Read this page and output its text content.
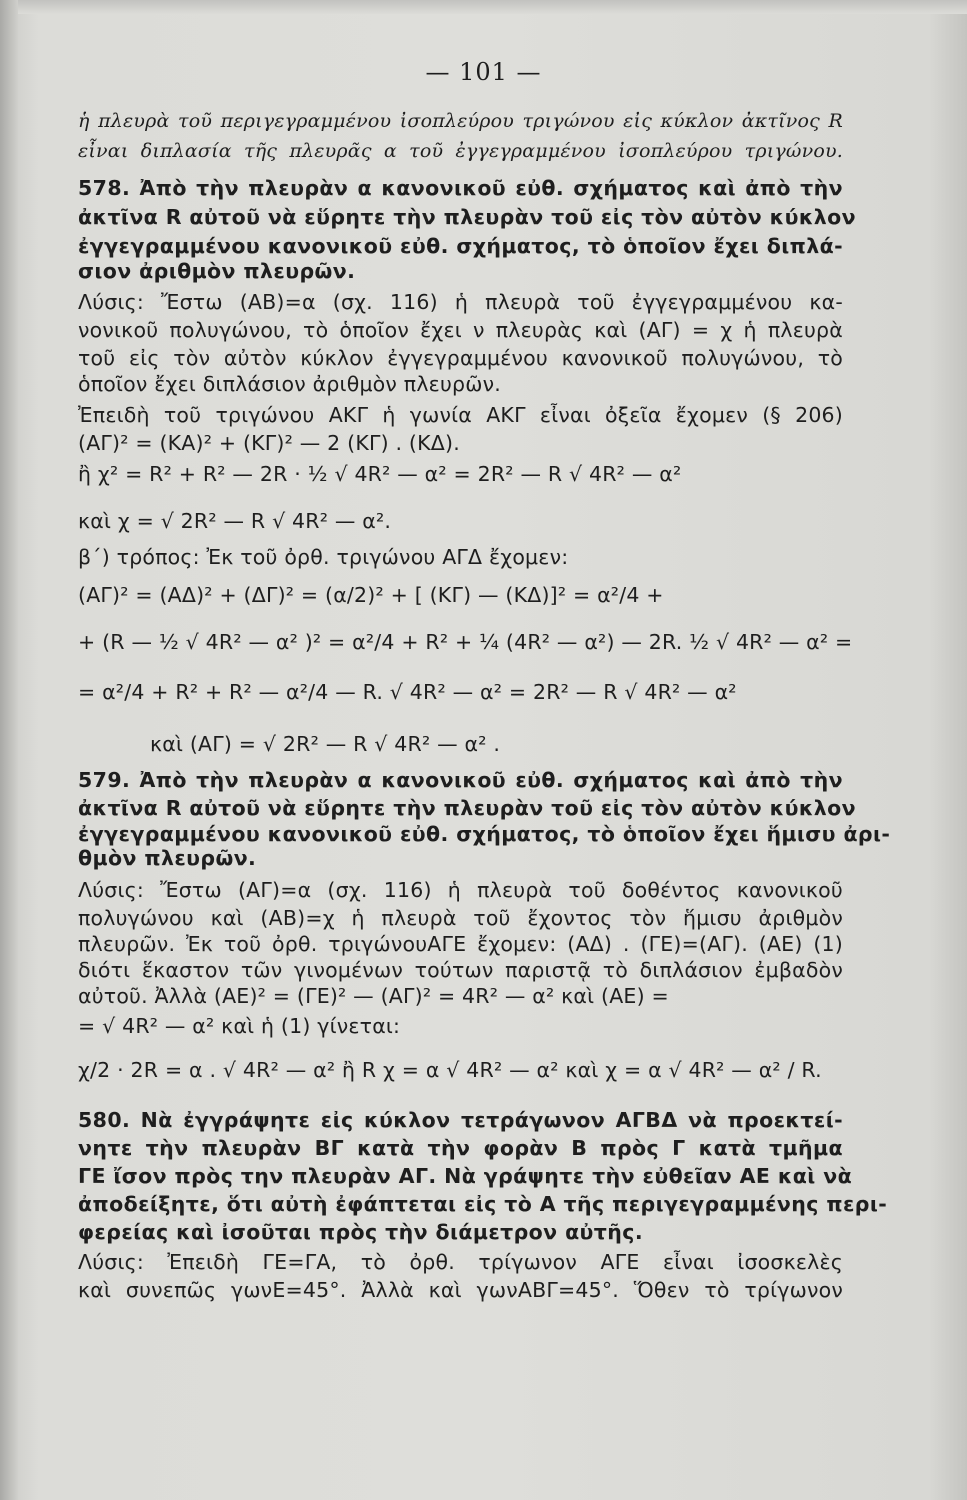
— 101 —
ἡ πλευρὰ τοῦ περιγεγραμμένου ἰσοπλεύρου τριγώνου εἰς κύκλον ἀκτῖνος R
εἶναι διπλασία τῆς πλευρᾶς α τοῦ ἐγγεγραμμένου ἰσοπλεύρου τριγώνου.
578. Ἀπὸ τὴν πλευρὰν α κανονικοῦ εὐθ. σχήματος καὶ ἀπὸ τὴν
ἀκτῖνα R αὐτοῦ νὰ εὕρητε τὴν πλευρὰν τοῦ εἰς τὸν αὐτὸν κύκλον
ἐγγεγραμμένου κανονικοῦ εὐθ. σχήματος, τὸ ὁποῖον ἔχει διπλά-
σιον ἀριθμὸν πλευρῶν.
Λύσις: Ἔστω (ΑΒ)=α (σχ. 116) ἡ πλευρὰ τοῦ ἐγγεγραμμένου κα-
νονικοῦ πολυγώνου, τὸ ὁποῖον ἔχει ν πλευρὰς καὶ (ΑΓ) = χ ἡ πλευρὰ
τοῦ εἰς τὸν αὐτὸν κύκλον ἐγγεγραμμένου κανονικοῦ πολυγώνου, τὸ
ὁποῖον ἔχει διπλάσιον ἀριθμὸν πλευρῶν.
Ἐπειδὴ τοῦ τριγώνου ΑΚΓ ἡ γωνία ΑΚΓ εἶναι ὀξεῖα ἔχομεν (§ 206)
(ΑΓ)² = (ΚΑ)² + (ΚΓ)² — 2 (ΚΓ) . (ΚΔ).
ἢ χ² = R² + R² — 2R · ½ √ 4R² — α² = 2R² — R √ 4R² — α²
καὶ χ = √ 2R² — R √ 4R² — α².
β΄) τρόπος: Ἐκ τοῦ ὀρθ. τριγώνου ΑΓΔ ἔχομεν:
(ΑΓ)² = (ΑΔ)² + (ΔΓ)² = (α/2)² + [ (ΚΓ) — (ΚΔ)]² = α²/4 +
+ (R — ½ √ 4R² — α² )² = α²/4 + R² + ¼ (4R² — α²) — 2R. ½ √ 4R² — α² =
= α²/4 + R² + R² — α²/4 — R. √ 4R² — α² = 2R² — R √ 4R² — α²
καὶ (ΑΓ) = √ 2R² — R √ 4R² — α² .
579. Ἀπὸ τὴν πλευρὰν α κανονικοῦ εὐθ. σχήματος καὶ ἀπὸ τὴν
ἀκτῖνα R αὐτοῦ νὰ εὕρητε τὴν πλευρὰν τοῦ εἰς τὸν αὐτὸν κύκλον
ἐγγεγραμμένου κανονικοῦ εὐθ. σχήματος, τὸ ὁποῖον ἔχει ἥμισυ ἀρι-
θμὸν πλευρῶν.
Λύσις: Ἔστω (ΑΓ)=α (σχ. 116) ἡ πλευρὰ τοῦ δοθέντος κανονικοῦ
πολυγώνου καὶ (ΑΒ)=χ ἡ πλευρὰ τοῦ ἔχοντος τὸν ἥμισυ ἀριθμὸν
πλευρῶν. Ἐκ τοῦ ὀρθ. τριγώνουΑΓΕ ἔχομεν: (ΑΔ) . (ΓΕ)=(ΑΓ). (ΑΕ) (1)
διότι ἕκαστον τῶν γινομένων τούτων παριστᾷ τὸ διπλάσιον ἐμβαδὸν
αὐτοῦ. Ἀλλὰ (ΑΕ)² = (ΓΕ)² — (ΑΓ)² = 4R² — α² καὶ (ΑΕ) =
= √ 4R² — α² καὶ ἡ (1) γίνεται:
χ/2 · 2R = α . √ 4R² — α² ἢ R χ = α √ 4R² — α² καὶ χ = α √ 4R² — α² / R.
580. Νὰ ἐγγράψητε εἰς κύκλον τετράγωνον ΑΓΒΔ νὰ προεκτεί-
νητε τὴν πλευρὰν ΒΓ κατὰ τὴν φορὰν Β πρὸς Γ κατὰ τμῆμα
ΓΕ ἴσον πρὸς την πλευρὰν ΑΓ. Νὰ γράψητε τὴν εὐθεῖαν ΑΕ καὶ νὰ
ἀποδείξητε, ὅτι αὐτὴ ἐφάπτεται εἰς τὸ Α τῆς περιγεγραμμένης περι-
φερείας καὶ ἰσοῦται πρὸς τὴν διάμετρον αὐτῆς.
Λύσις: Ἐπειδὴ ΓΕ=ΓΑ, τὸ ὀρθ. τρίγωνον ΑΓΕ εἶναι ἰσοσκελὲς
καὶ συνεπῶς γωνΕ=45°. Ἀλλὰ καὶ γωνΑΒΓ=45°. Ὅθεν τὸ τρίγωνον
